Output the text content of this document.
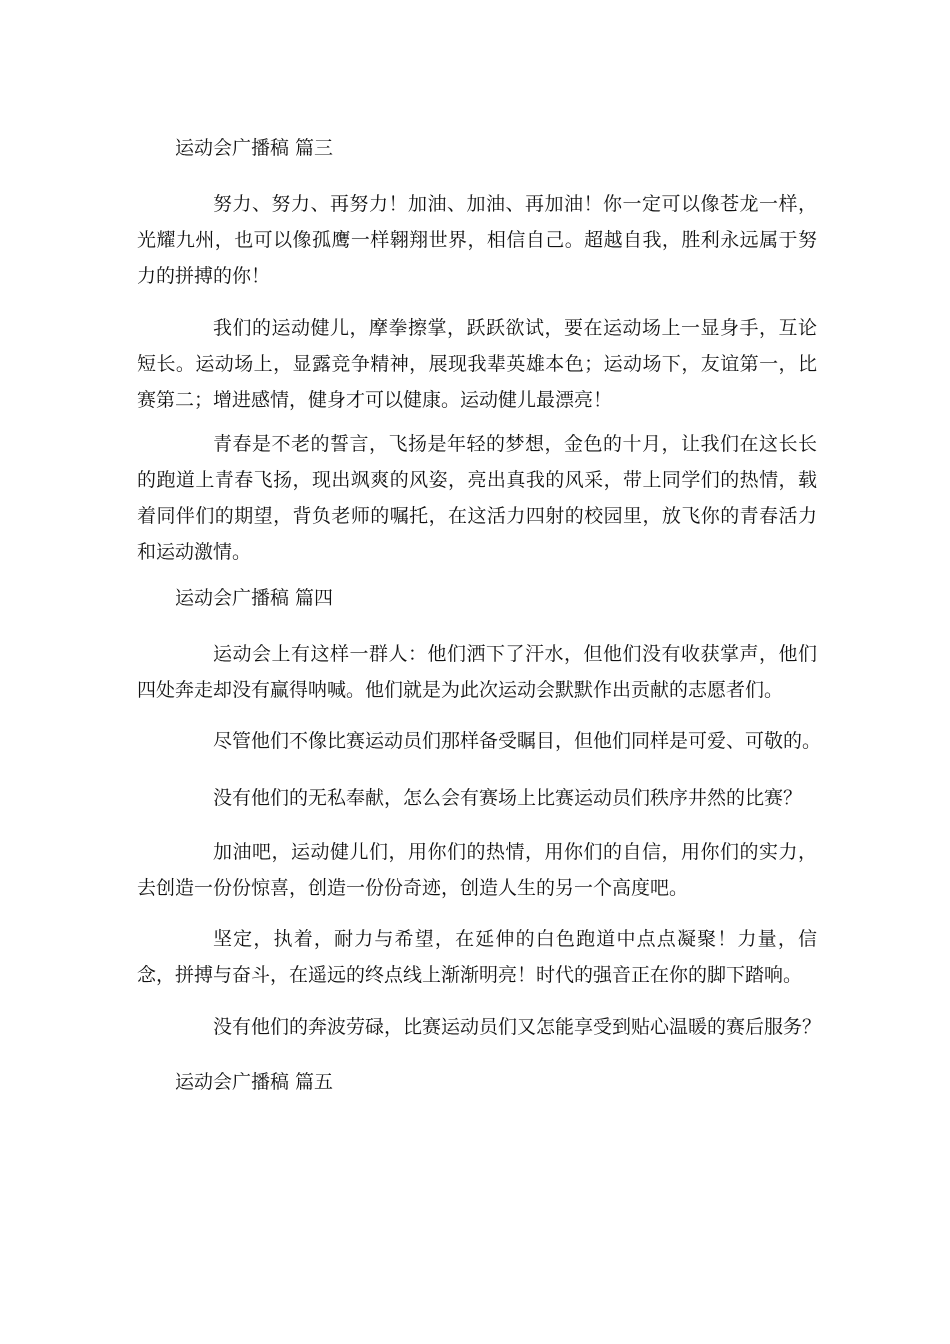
运动会广播稿 篇三

努力、努力、再努力！加油、加油、再加油！你一定可以像苍龙一样，光耀九州，也可以像孤鹰一样翱翔世界，相信自己。超越自我，胜利永远属于努力的拼搏的你！

我们的运动健儿，摩拳擦掌，跃跃欲试，要在运动场上一显身手，互论短长。运动场上，显露竞争精神，展现我辈英雄本色；运动场下，友谊第一，比赛第二；增进感情，健身才可以健康。运动健儿最漂亮！

青春是不老的誓言，飞扬是年轻的梦想，金色的十月，让我们在这长长的跑道上青春飞扬，现出飒爽的风姿，亮出真我的风采，带上同学们的热情，载着同伴们的期望，背负老师的嘱托，在这活力四射的校园里，放飞你的青春活力和运动激情。

运动会广播稿 篇四

运动会上有这样一群人：他们洒下了汗水，但他们没有收获掌声，他们四处奔走却没有赢得呐喊。他们就是为此次运动会默默作出贡献的志愿者们。

尽管他们不像比赛运动员们那样备受瞩目，但他们同样是可爱、可敬的。

没有他们的无私奉献，怎么会有赛场上比赛运动员们秩序井然的比赛？

加油吧，运动健儿们，用你们的热情，用你们的自信，用你们的实力，去创造一份份惊喜，创造一份份奇迹，创造人生的另一个高度吧。

坚定，执着，耐力与希望，在延伸的白色跑道中点点凝聚！力量，信念，拼搏与奋斗，在遥远的终点线上渐渐明亮！时代的强音正在你的脚下踏响。

没有他们的奔波劳碌，比赛运动员们又怎能享受到贴心温暖的赛后服务？

运动会广播稿 篇五
